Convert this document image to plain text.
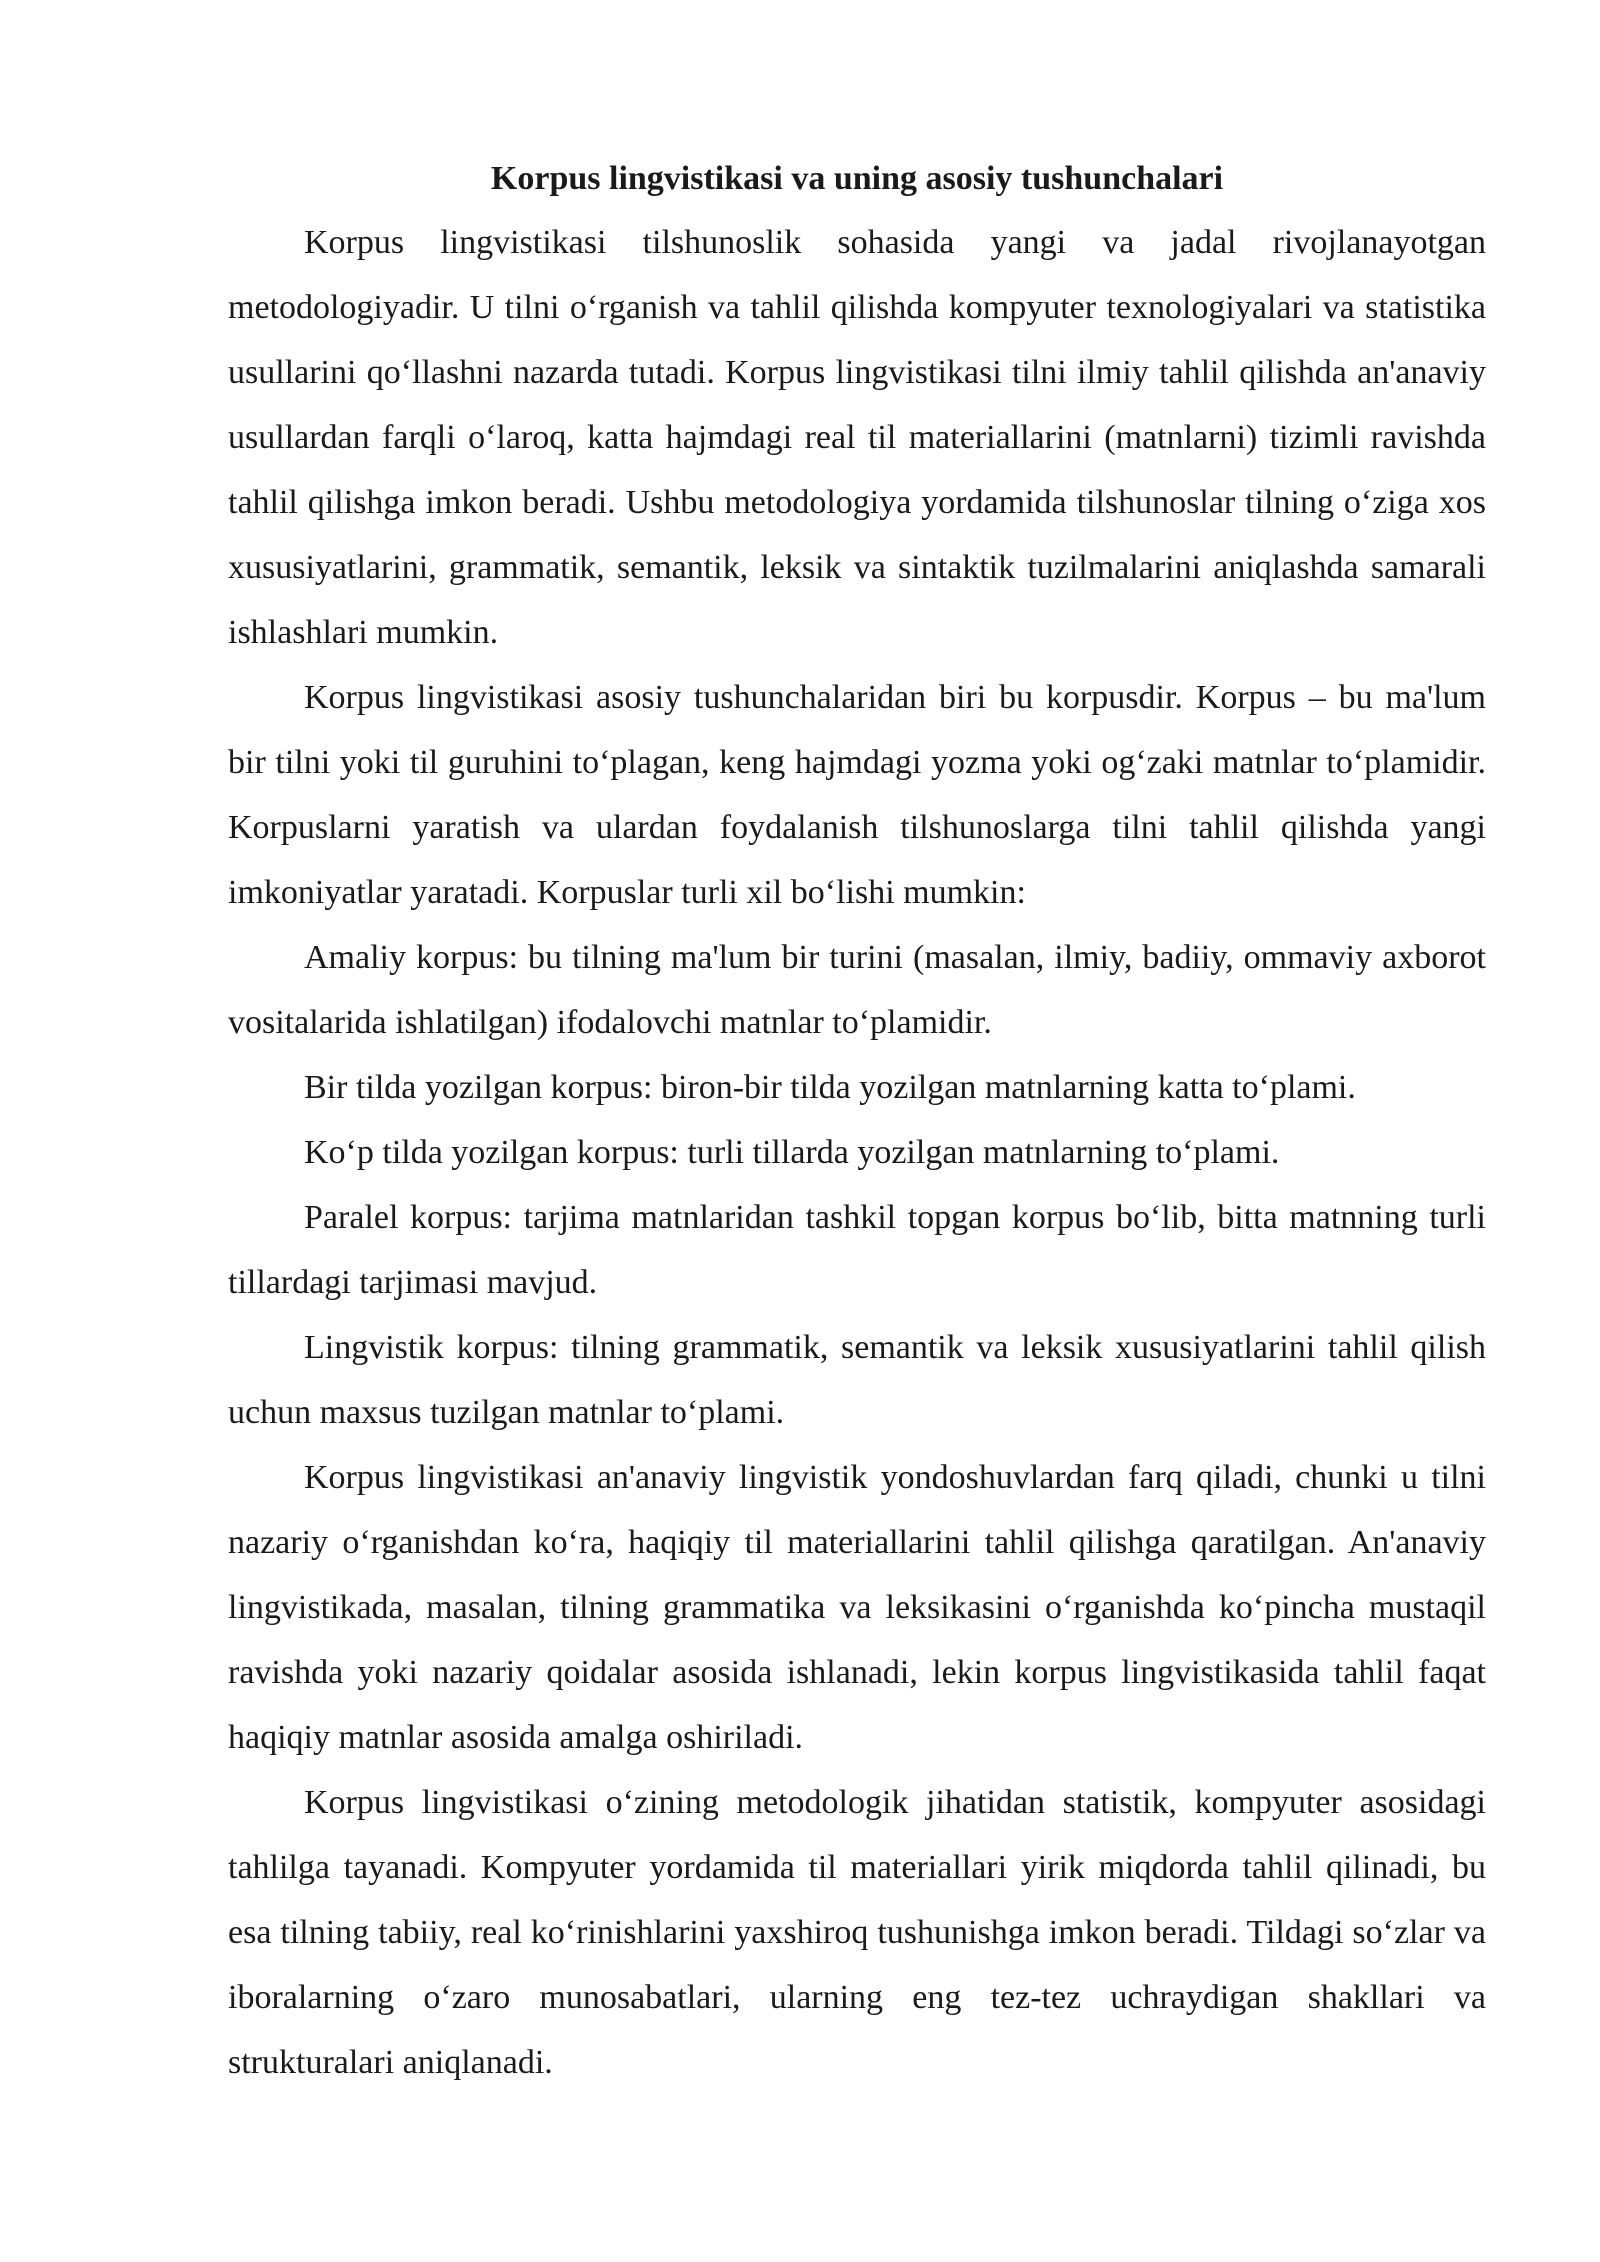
Korpus lingvistikasi va uning asosiy tushunchalari

Korpus lingvistikasi tilshunoslik sohasida yangi va jadal rivojlanayotgan metodologiyadir. U tilni o‘rganish va tahlil qilishda kompyuter texnologiyalari va statistika usullarini qo‘llashni nazarda tutadi. Korpus lingvistikasi tilni ilmiy tahlil qilishda an'anaviy usullardan farqli o‘laroq, katta hajmdagi real til materiallarini (matnlarni) tizimli ravishda tahlil qilishga imkon beradi. Ushbu metodologiya yordamida tilshunoslar tilning o‘ziga xos xususiyatlarini, grammatik, semantik, leksik va sintaktik tuzilmalarini aniqlashda samarali ishlashlari mumkin.

Korpus lingvistikasi asosiy tushunchalaridan biri bu korpusdir. Korpus – bu ma'lum bir tilni yoki til guruhini to‘plagan, keng hajmdagi yozma yoki og‘zaki matnlar to‘plamidir. Korpuslarni yaratish va ulardan foydalanish tilshunoslarga tilni tahlil qilishda yangi imkoniyatlar yaratadi. Korpuslar turli xil bo‘lishi mumkin:

Amaliy korpus: bu tilning ma'lum bir turini (masalan, ilmiy, badiiy, ommaviy axborot vositalarida ishlatilgan) ifodalovchi matnlar to‘plamidir.

Bir tilda yozilgan korpus: biron-bir tilda yozilgan matnlarning katta to‘plami.

Ko‘p tilda yozilgan korpus: turli tillarda yozilgan matnlarning to‘plami.

Paralel korpus: tarjima matnlaridan tashkil topgan korpus bo‘lib, bitta matnning turli tillardagi tarjimasi mavjud.

Lingvistik korpus: tilning grammatik, semantik va leksik xususiyatlarini tahlil qilish uchun maxsus tuzilgan matnlar to‘plami.

Korpus lingvistikasi an'anaviy lingvistik yondoshuvlardan farq qiladi, chunki u tilni nazariy o‘rganishdan ko‘ra, haqiqiy til materiallarini tahlil qilishga qaratilgan. An'anaviy lingvistikada, masalan, tilning grammatika va leksikasini o‘rganishda ko‘pincha mustaqil ravishda yoki nazariy qoidalar asosida ishlanadi, lekin korpus lingvistikasida tahlil faqat haqiqiy matnlar asosida amalga oshiriladi.

Korpus lingvistikasi o‘zining metodologik jihatidan statistik, kompyuter asosidagi tahlilga tayanadi. Kompyuter yordamida til materiallari yirik miqdorda tahlil qilinadi, bu esa tilning tabiiy, real ko‘rinishlarini yaxshiroq tushunishga imkon beradi. Tildagi so‘zlar va iboralarning o‘zaro munosabatlari, ularning eng tez-tez uchraydigan shakllari va strukturalari aniqlanadi.
